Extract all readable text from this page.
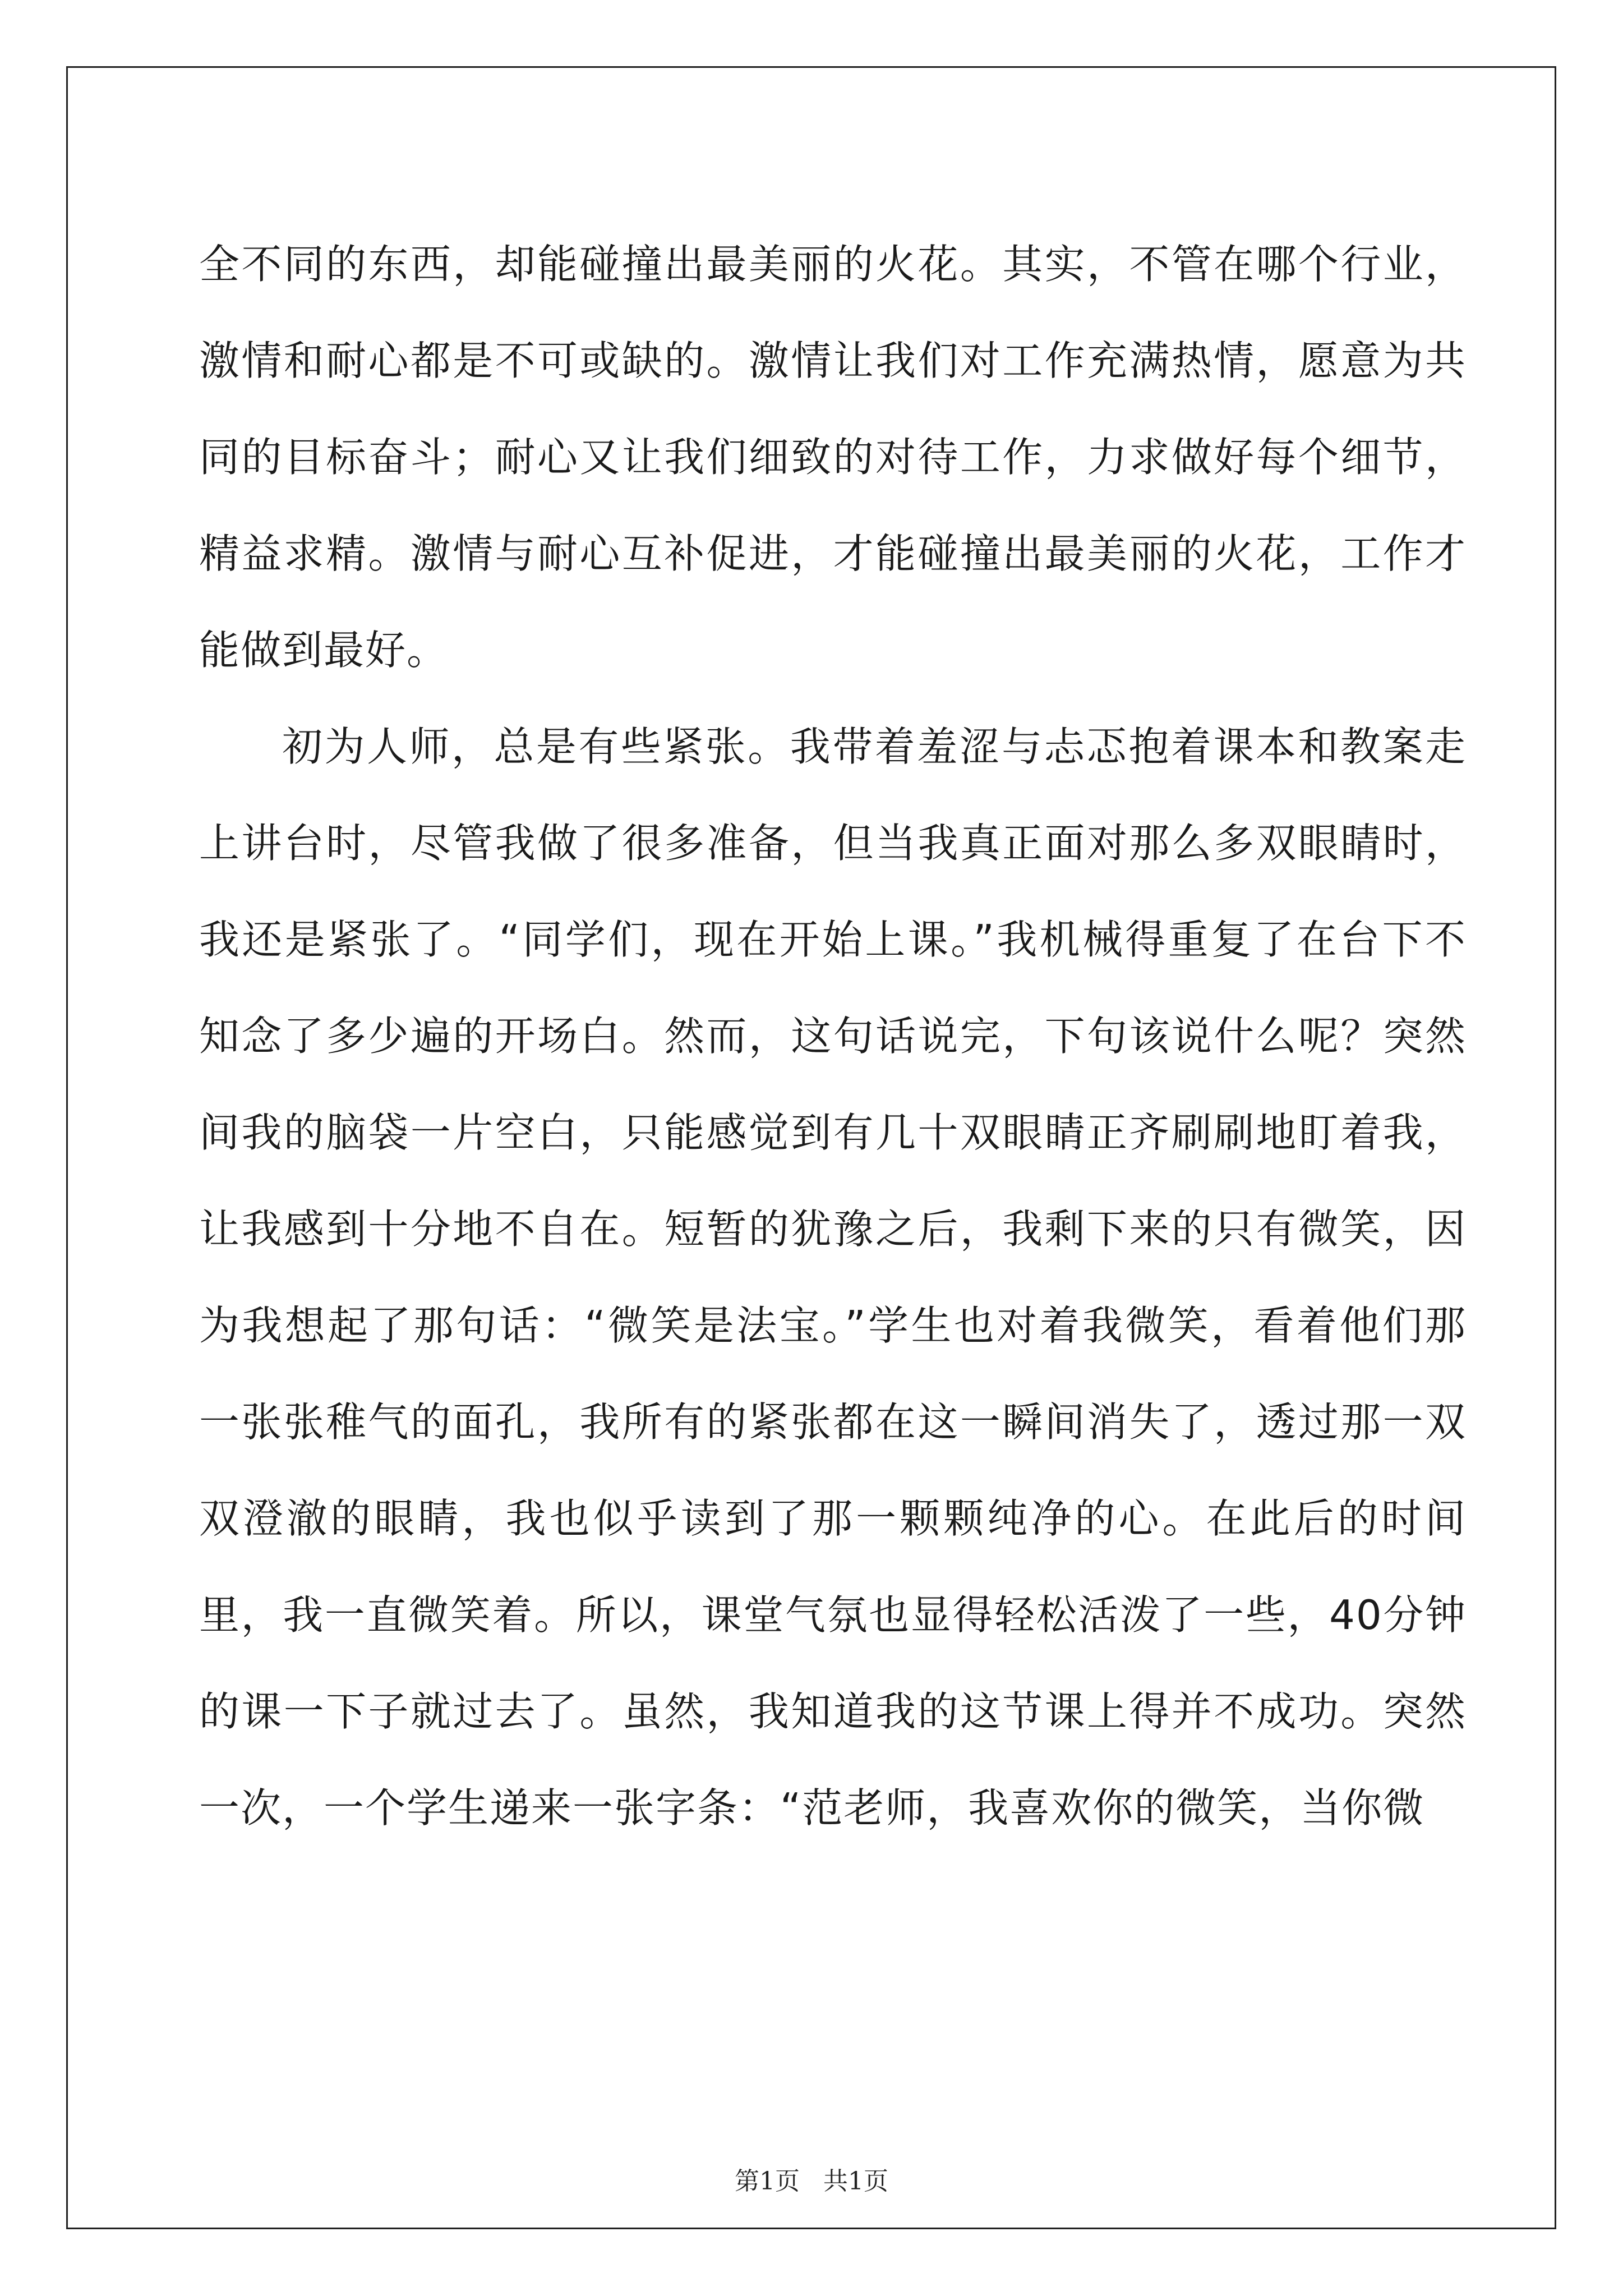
全不同的东西，却能碰撞出最美丽的火花。其实，不管在哪个行业，激情和耐心都是不可或缺的。激情让我们对工作充满热情，愿意为共同的目标奋斗；耐心又让我们细致的对待工作，力求做好每个细节，精益求精。激情与耐心互补促进，才能碰撞出最美丽的火花，工作才能做到最好。

初为人师，总是有些紧张。我带着羞涩与忐忑抱着课本和教案走上讲台时，尽管我做了很多准备，但当我真正面对那么多双眼睛时，我还是紧张了。“同学们，现在开始上课。”我机械得重复了在台下不知念了多少遍的开场白。然而，这句话说完，下句该说什么呢？突然间我的脑袋一片空白，只能感觉到有几十双眼睛正齐刷刷地盯着我，让我感到十分地不自在。短暂的犹豫之后，我剩下来的只有微笑，因为我想起了那句话：“微笑是法宝。”学生也对着我微笑，看着他们那一张张稚气的面孔，我所有的紧张都在这一瞬间消失了，透过那一双双澄澈的眼睛，我也似乎读到了那一颗颗纯净的心。在此后的时间里，我一直微笑着。所以，课堂气氛也显得轻松活泼了一些，40分钟的课一下子就过去了。虽然，我知道我的这节课上得并不成功。突然一次，一个学生递来一张字条：“范老师，我喜欢你的微笑，当你微

第1页 共1页
